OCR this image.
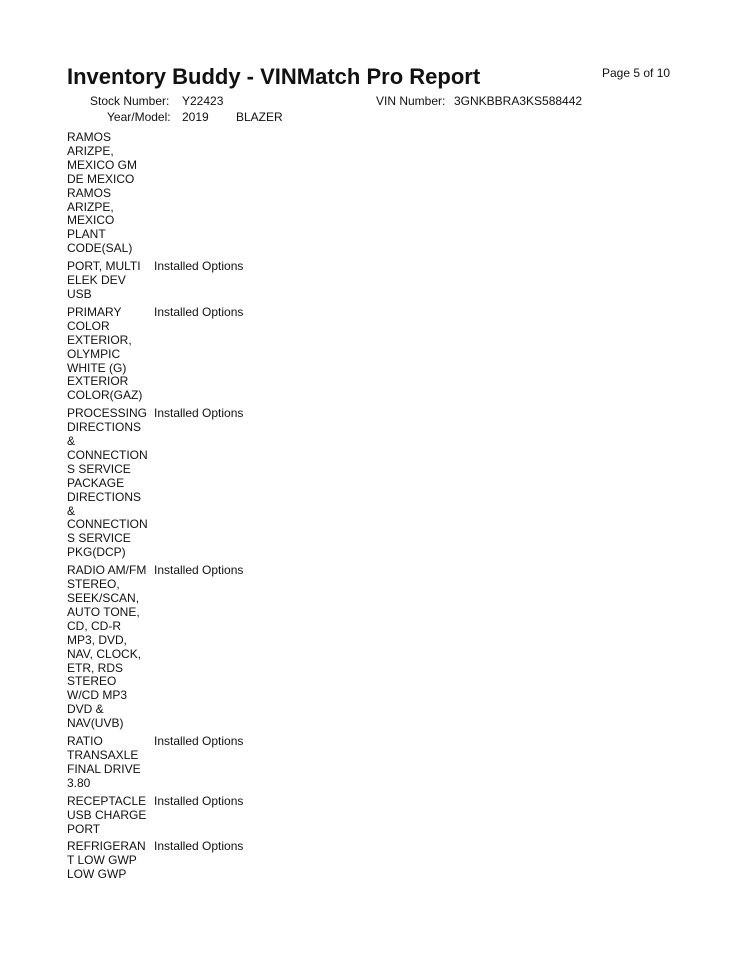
Inventory Buddy - VINMatch Pro Report	Page 5 of 10
Stock Number: Y22423	VIN Number: 3GNKBBRA3KS588442
Year/Model: 2019 BLAZER
RAMOS
ARIZPE,
MEXICO GM
DE MEXICO
RAMOS
ARIZPE,
MEXICO
PLANT
CODE(SAL)
PORT, MULTI
ELEK DEV
USB
Installed Options
PRIMARY
COLOR
EXTERIOR,
OLYMPIC
WHITE (G)
EXTERIOR
COLOR(GAZ)
Installed Options
PROCESSING
DIRECTIONS
&
CONNECTION
S SERVICE
PACKAGE
DIRECTIONS
&
CONNECTION
S SERVICE
PKG(DCP)
Installed Options
RADIO AM/FM
STEREO,
SEEK/SCAN,
AUTO TONE,
CD, CD-R
MP3, DVD,
NAV, CLOCK,
ETR, RDS
STEREO
W/CD MP3
DVD &
NAV(UVB)
Installed Options
RATIO
TRANSAXLE
FINAL DRIVE
3.80
Installed Options
RECEPTACLE
USB CHARGE
PORT
Installed Options
REFRIGERAN
T LOW GWP
LOW GWP
Installed Options
